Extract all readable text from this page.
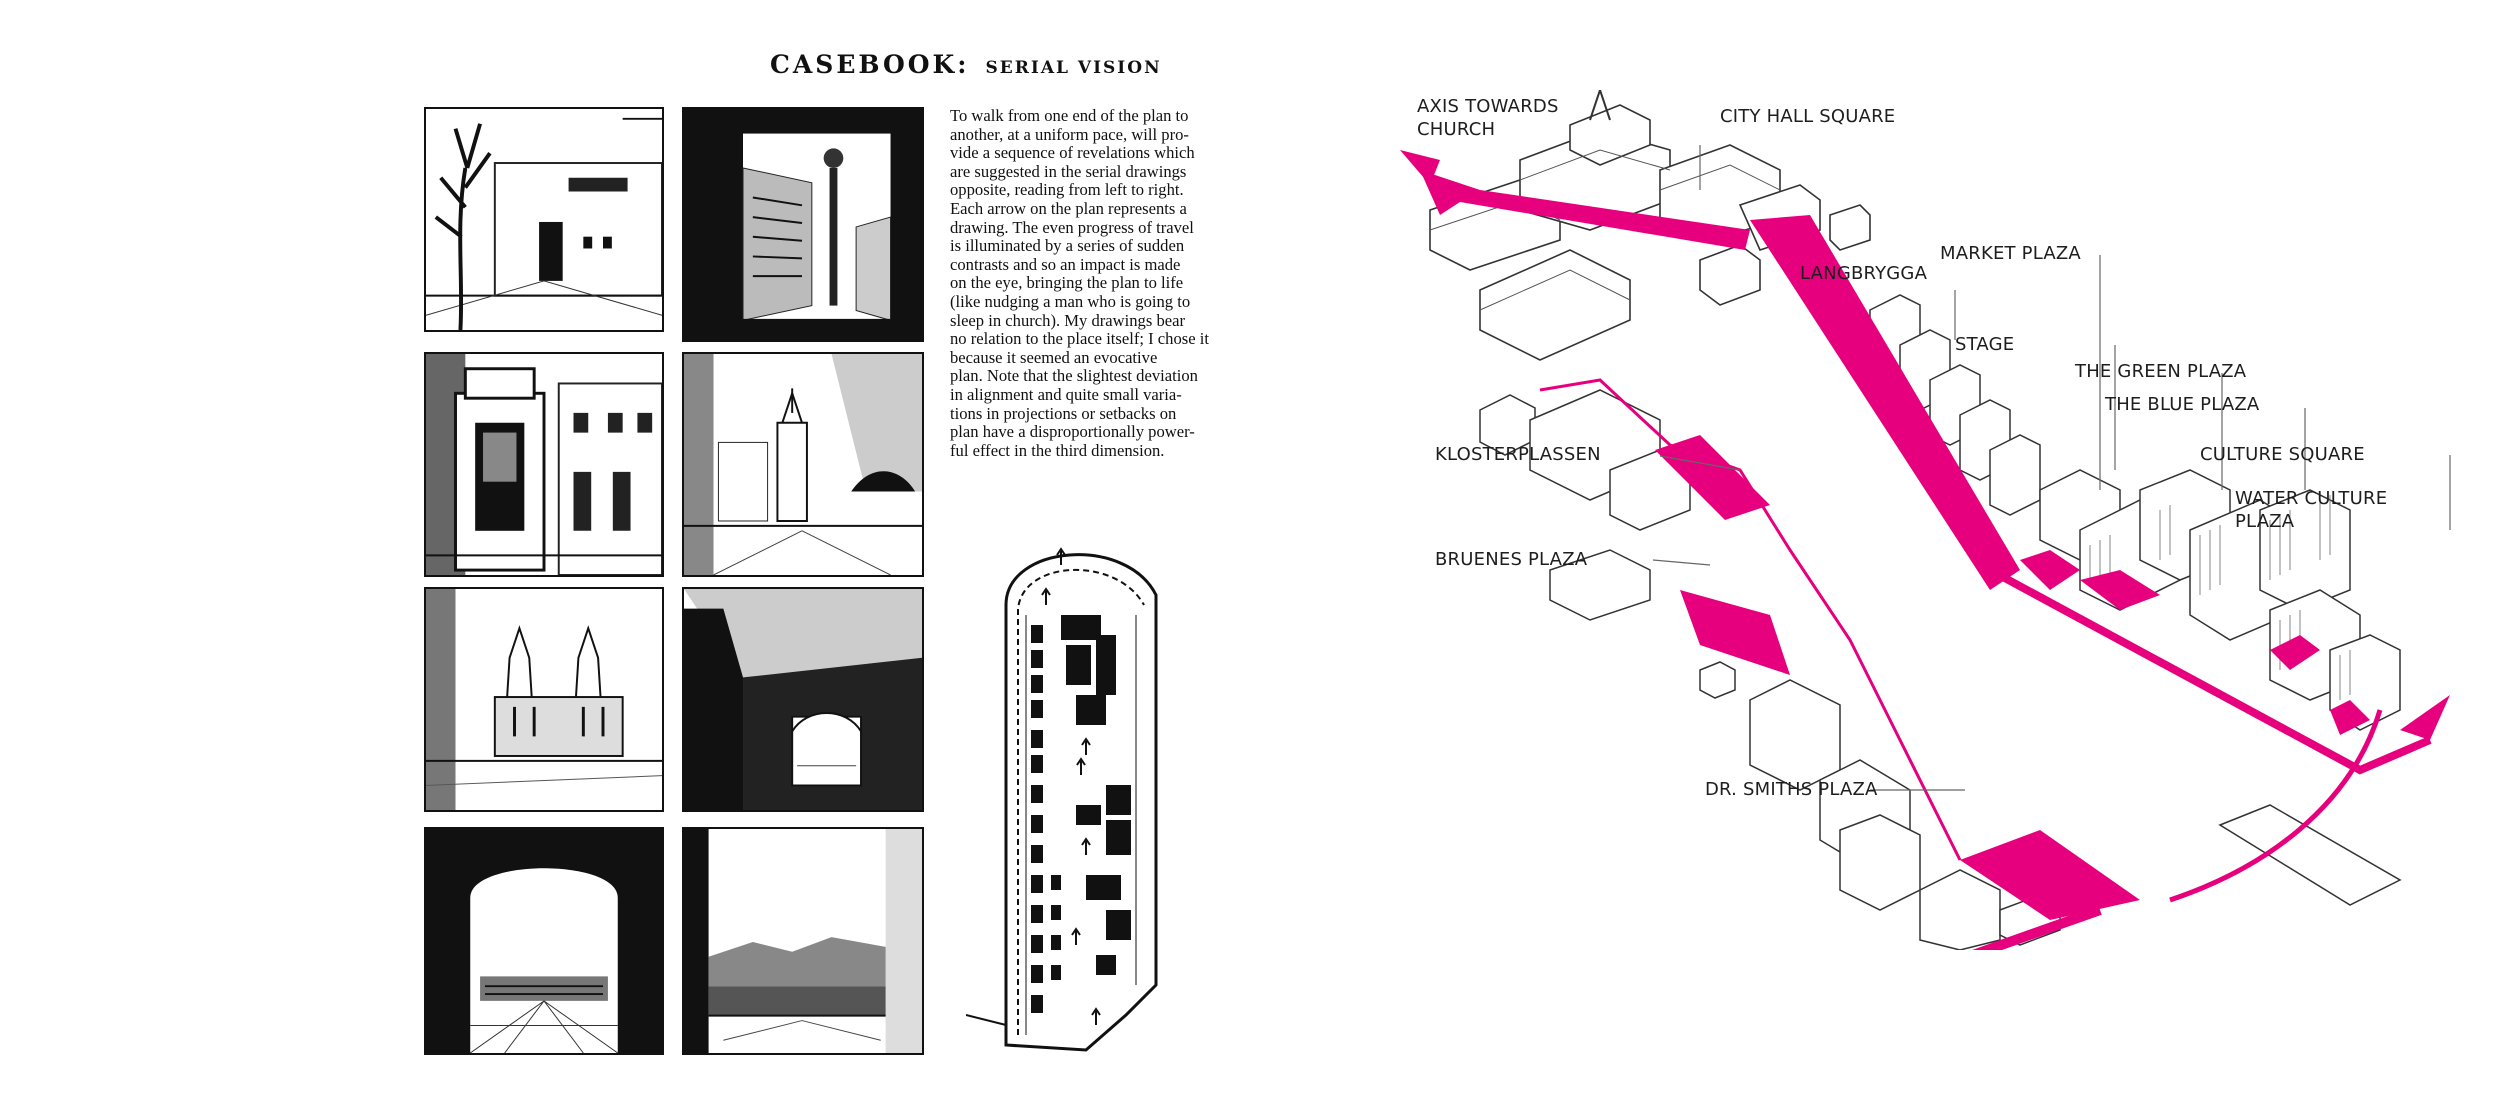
CASEBOOK: SERIAL VISION

To walk from one end of the plan to

another, at a uniform pace, will pro-

vide a sequence of revelations which

are suggested in the serial drawings

opposite, reading from left to right.

Each arrow on the plan represents a

drawing. The even progress of travel

is illuminated by a series of sudden

contrasts and so an impact is made

on the eye, bringing the plan to life

(like nudging a man who is going to

sleep in church). My drawings bear

no relation to the place itself; I chose it

because it seemed an evocative

plan. Note that the slightest deviation

in alignment and quite small varia-

tions in projections or setbacks on

plan have a disproportionally power-

ful effect in the third dimension.

AXIS TOWARDS
CHURCH
CITY HALL SQUARE
LANGBRYGGA
MARKET PLAZA
STAGE
THE GREEN PLAZA
THE BLUE PLAZA
CULTURE SQUARE
WATER CULTURE
PLAZA
KLOSTERPLASSEN
BRUENES PLAZA
DR. SMITHS PLAZA
